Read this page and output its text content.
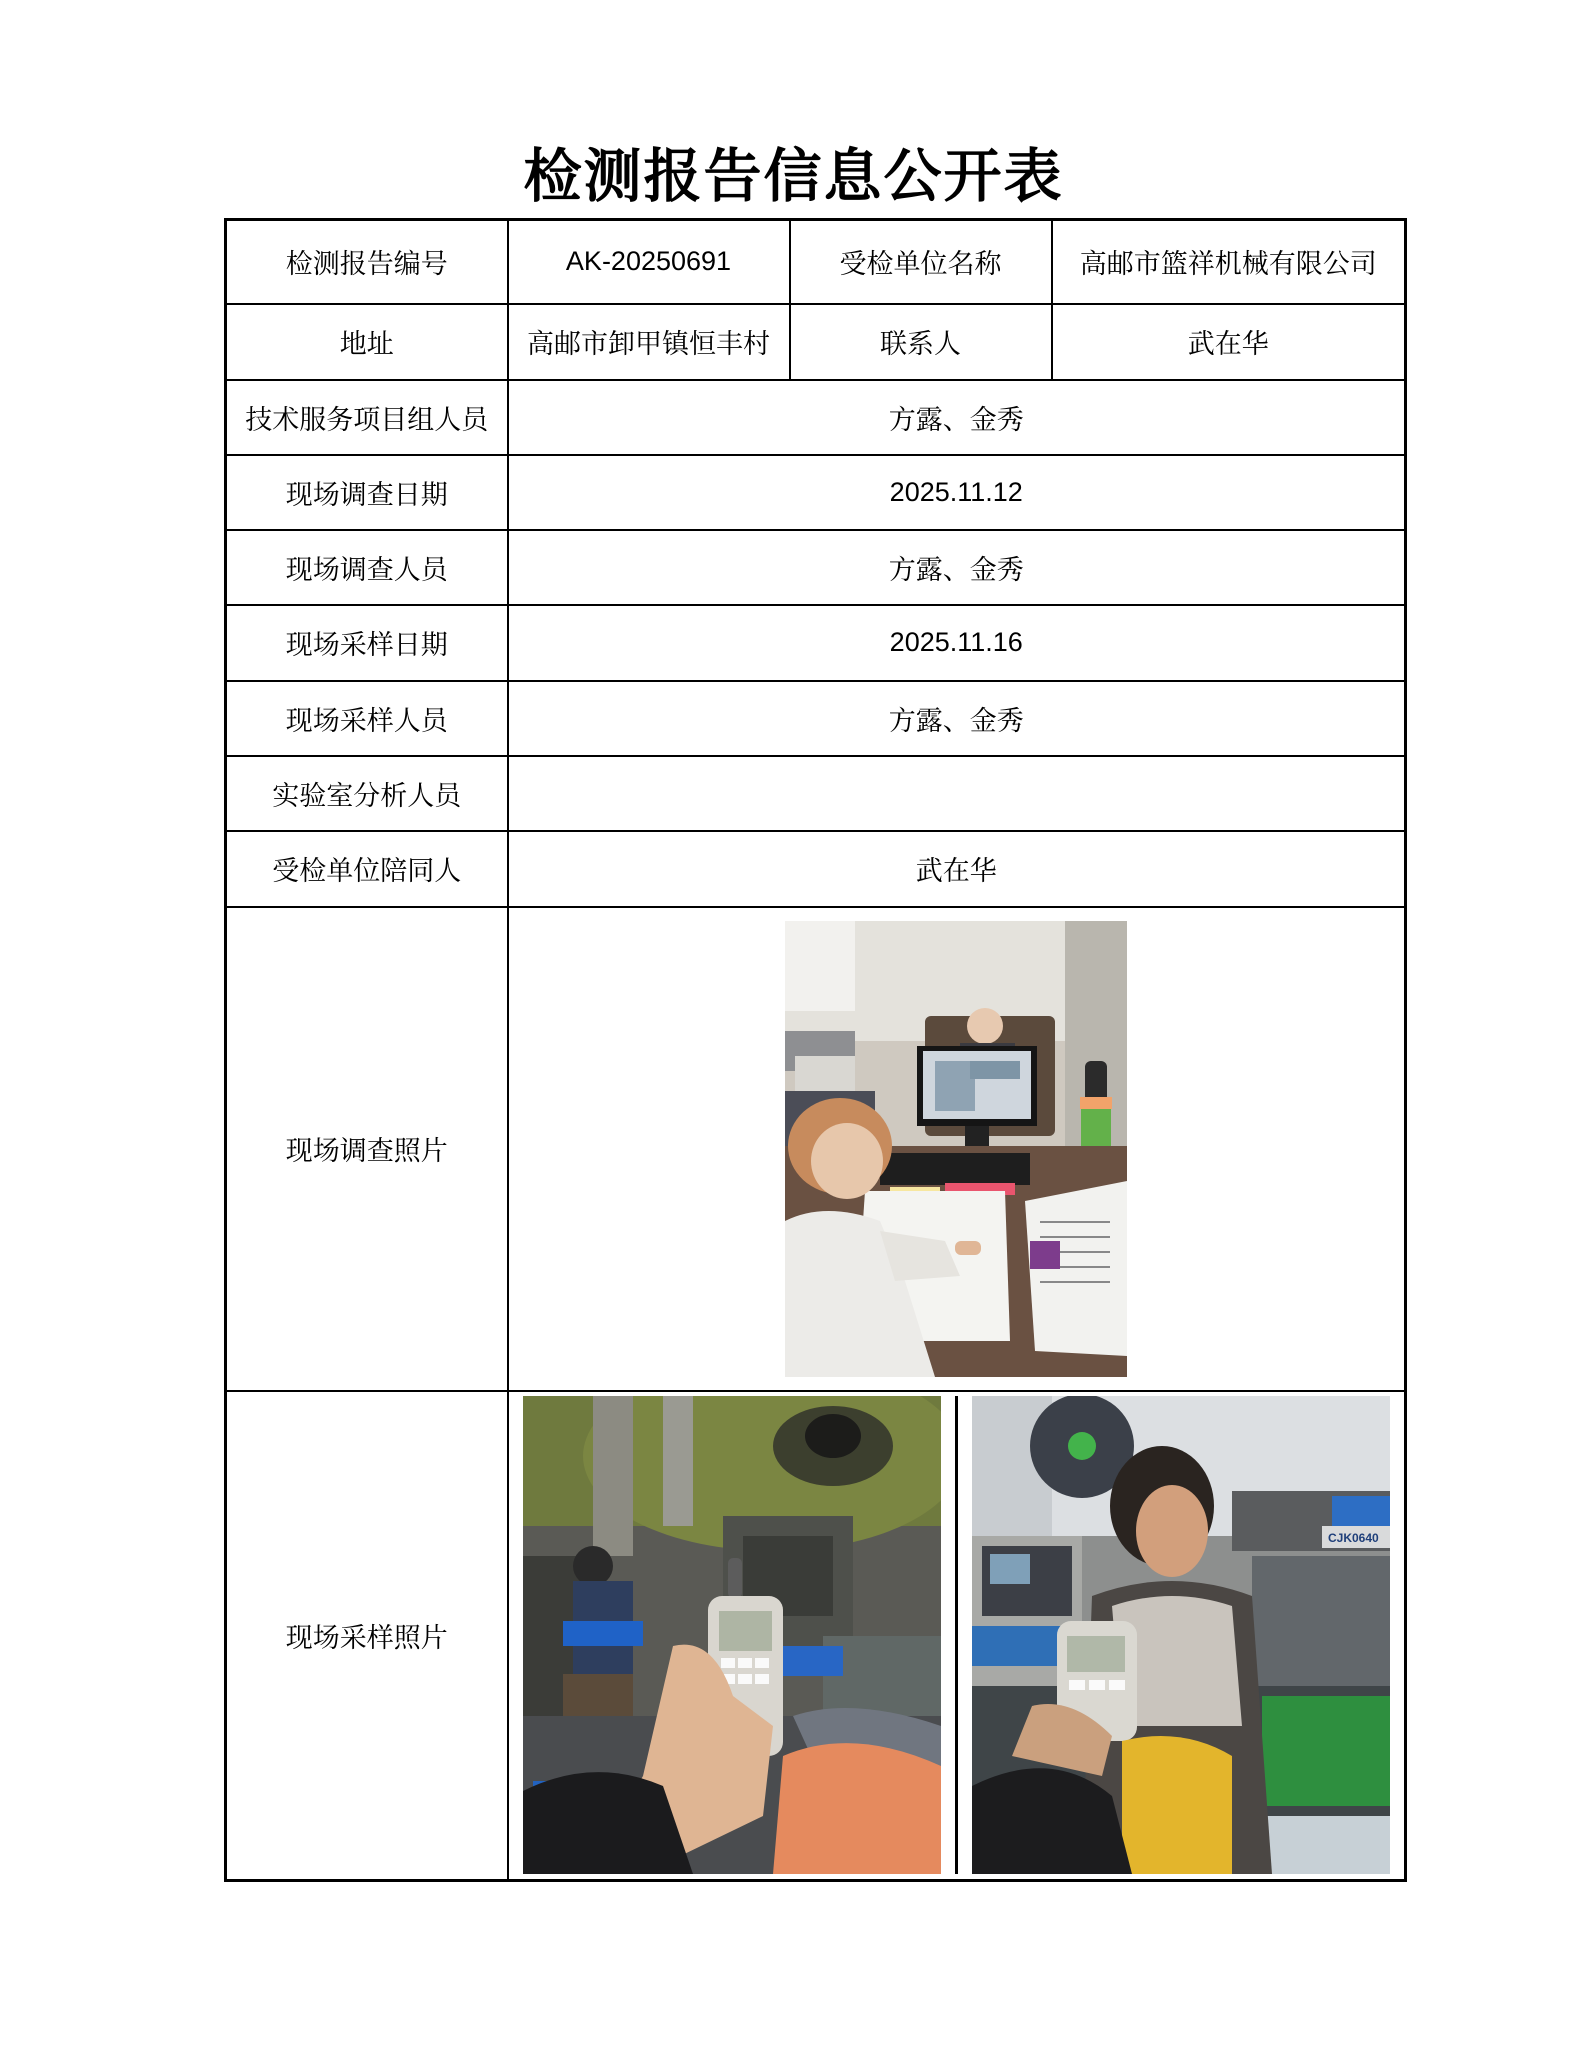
检测报告信息公开表
检测报告编号	AK-20250691	受检单位名称	高邮市篮祥机械有限公司
地址	高邮市卸甲镇恒丰村	联系人	武在华
技术服务项目组人员	方露、金秀		
现场调查日期	2025.11.12		
现场调查人员	方露、金秀		
现场采样日期	2025.11.16		
现场采样人员	方露、金秀		
实验室分析人员			
受检单位陪同人	武在华		
现场调查照片	

现场采样照片	CJK0640		
